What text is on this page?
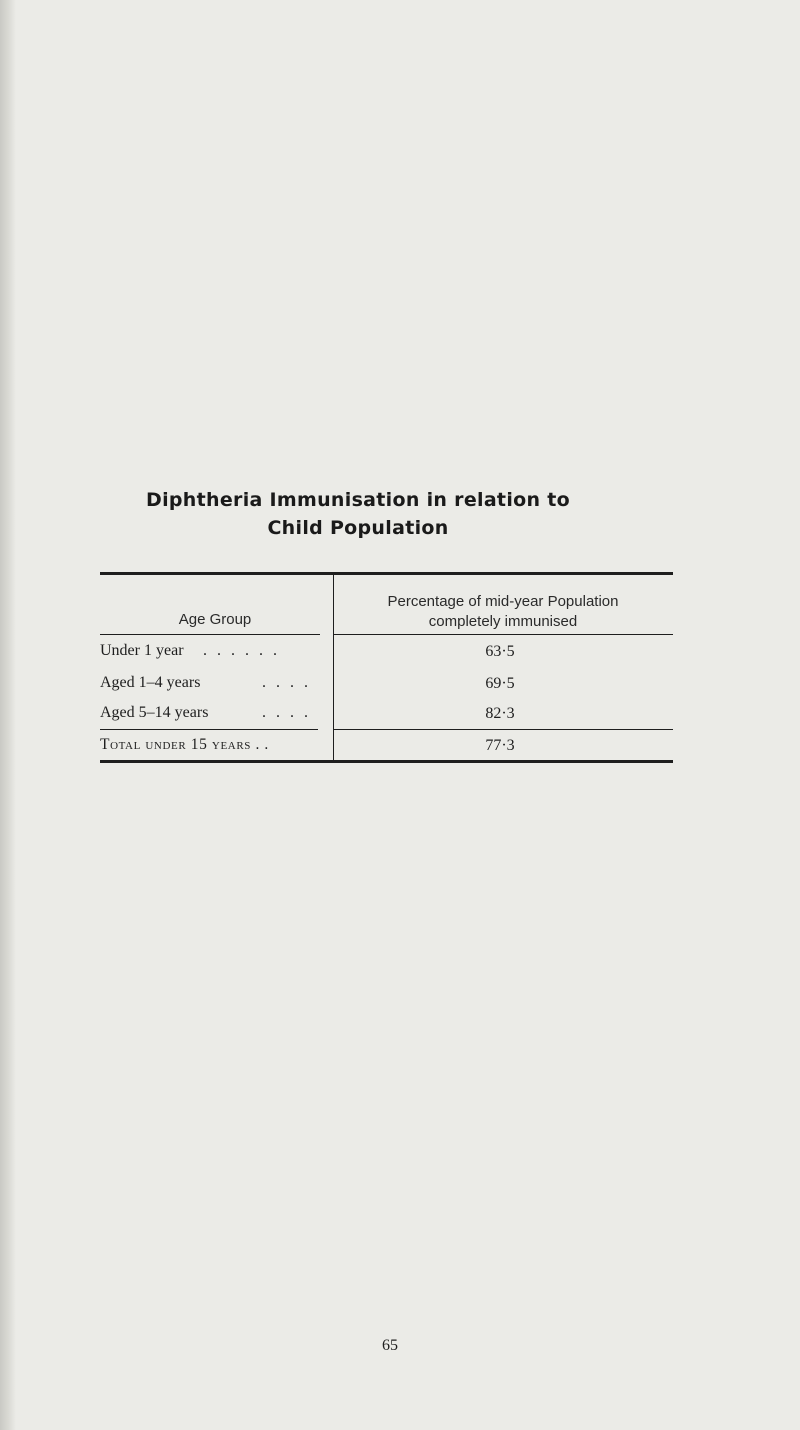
Diphtheria Immunisation in relation to
Child Population
Age Group
Percentage of mid-year Population
completely immunised
Under 1 year . . . . . .	63·5
Aged 1–4 years	. . . .	69·5
Aged 5–14 years	. . . .	82·3
Total under 15 years . .	77·3
65
